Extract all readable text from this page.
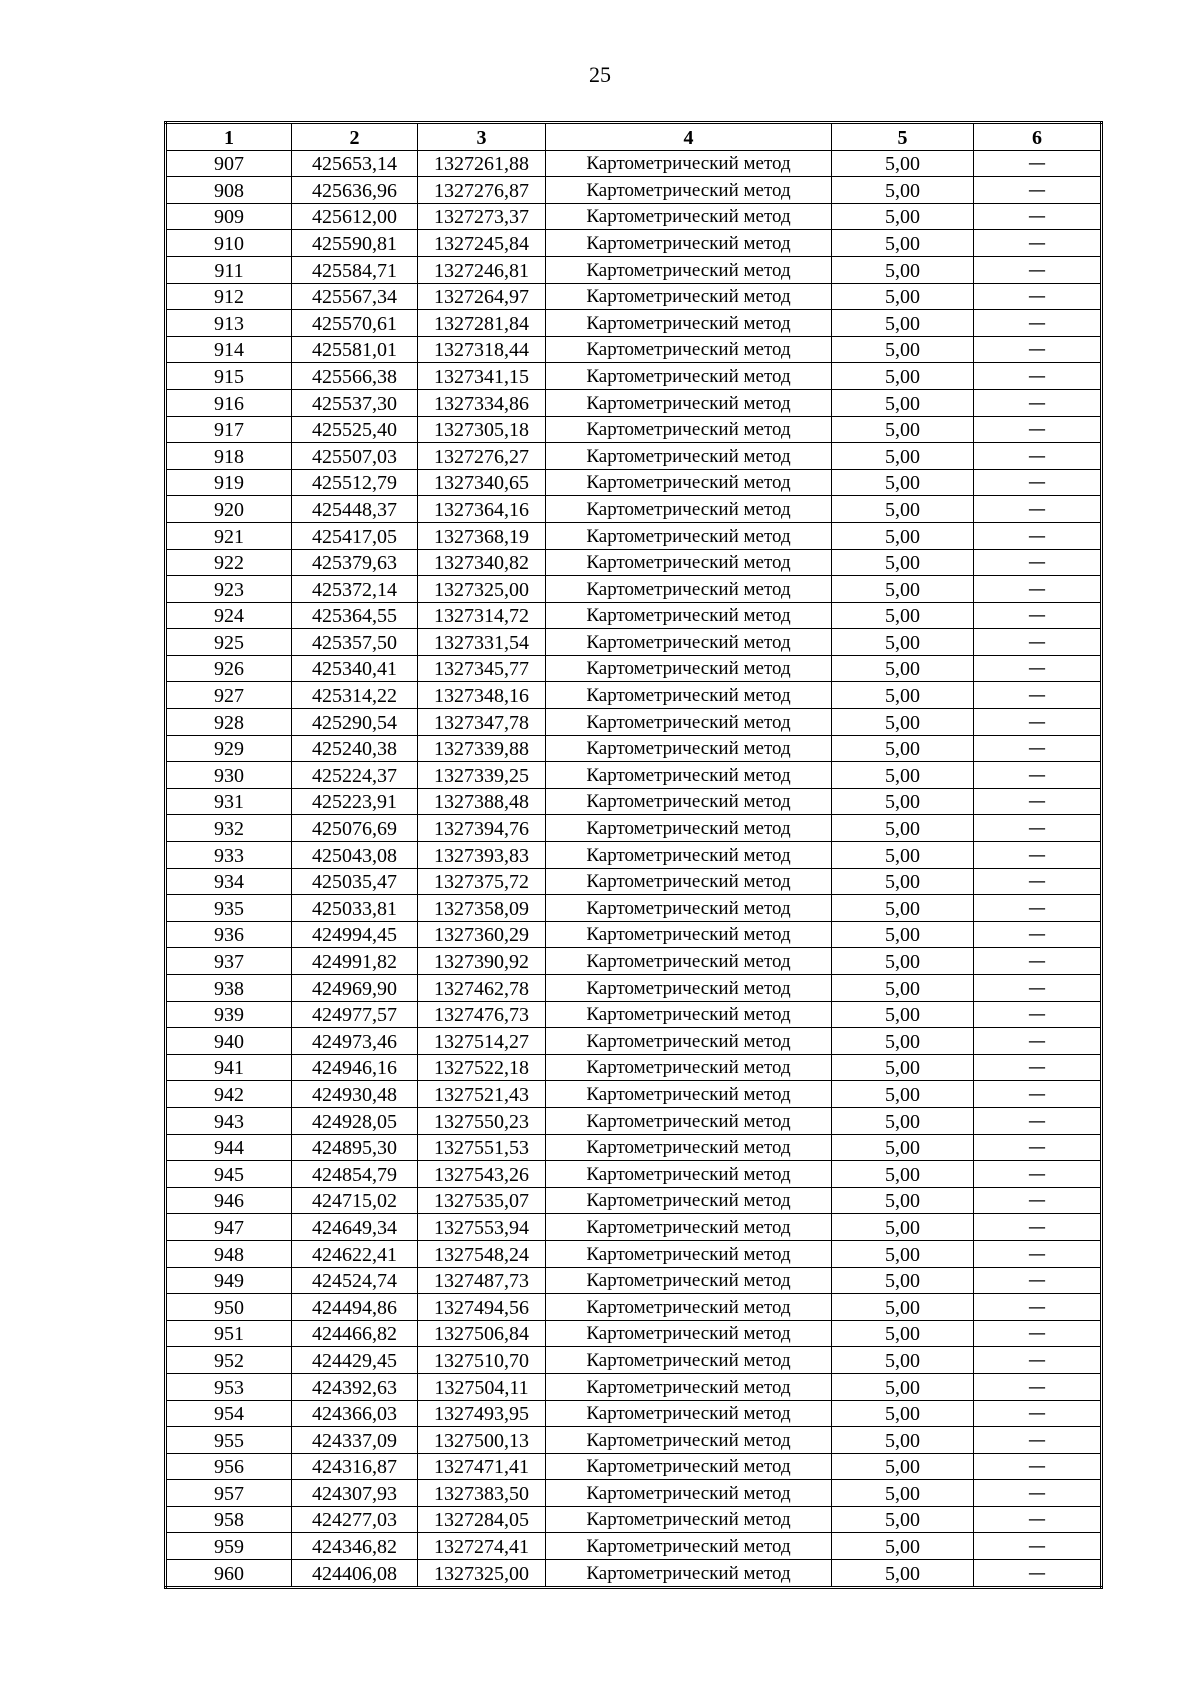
25
1	2	3	4	5	6
907	425653,14	1327261,88	Картометрический метод	5,00	—
908	425636,96	1327276,87	Картометрический метод	5,00	—
909	425612,00	1327273,37	Картометрический метод	5,00	—
910	425590,81	1327245,84	Картометрический метод	5,00	—
911	425584,71	1327246,81	Картометрический метод	5,00	—
912	425567,34	1327264,97	Картометрический метод	5,00	—
913	425570,61	1327281,84	Картометрический метод	5,00	—
914	425581,01	1327318,44	Картометрический метод	5,00	—
915	425566,38	1327341,15	Картометрический метод	5,00	—
916	425537,30	1327334,86	Картометрический метод	5,00	—
917	425525,40	1327305,18	Картометрический метод	5,00	—
918	425507,03	1327276,27	Картометрический метод	5,00	—
919	425512,79	1327340,65	Картометрический метод	5,00	—
920	425448,37	1327364,16	Картометрический метод	5,00	—
921	425417,05	1327368,19	Картометрический метод	5,00	—
922	425379,63	1327340,82	Картометрический метод	5,00	—
923	425372,14	1327325,00	Картометрический метод	5,00	—
924	425364,55	1327314,72	Картометрический метод	5,00	—
925	425357,50	1327331,54	Картометрический метод	5,00	—
926	425340,41	1327345,77	Картометрический метод	5,00	—
927	425314,22	1327348,16	Картометрический метод	5,00	—
928	425290,54	1327347,78	Картометрический метод	5,00	—
929	425240,38	1327339,88	Картометрический метод	5,00	—
930	425224,37	1327339,25	Картометрический метод	5,00	—
931	425223,91	1327388,48	Картометрический метод	5,00	—
932	425076,69	1327394,76	Картометрический метод	5,00	—
933	425043,08	1327393,83	Картометрический метод	5,00	—
934	425035,47	1327375,72	Картометрический метод	5,00	—
935	425033,81	1327358,09	Картометрический метод	5,00	—
936	424994,45	1327360,29	Картометрический метод	5,00	—
937	424991,82	1327390,92	Картометрический метод	5,00	—
938	424969,90	1327462,78	Картометрический метод	5,00	—
939	424977,57	1327476,73	Картометрический метод	5,00	—
940	424973,46	1327514,27	Картометрический метод	5,00	—
941	424946,16	1327522,18	Картометрический метод	5,00	—
942	424930,48	1327521,43	Картометрический метод	5,00	—
943	424928,05	1327550,23	Картометрический метод	5,00	—
944	424895,30	1327551,53	Картометрический метод	5,00	—
945	424854,79	1327543,26	Картометрический метод	5,00	—
946	424715,02	1327535,07	Картометрический метод	5,00	—
947	424649,34	1327553,94	Картометрический метод	5,00	—
948	424622,41	1327548,24	Картометрический метод	5,00	—
949	424524,74	1327487,73	Картометрический метод	5,00	—
950	424494,86	1327494,56	Картометрический метод	5,00	—
951	424466,82	1327506,84	Картометрический метод	5,00	—
952	424429,45	1327510,70	Картометрический метод	5,00	—
953	424392,63	1327504,11	Картометрический метод	5,00	—
954	424366,03	1327493,95	Картометрический метод	5,00	—
955	424337,09	1327500,13	Картометрический метод	5,00	—
956	424316,87	1327471,41	Картометрический метод	5,00	—
957	424307,93	1327383,50	Картометрический метод	5,00	—
958	424277,03	1327284,05	Картометрический метод	5,00	—
959	424346,82	1327274,41	Картометрический метод	5,00	—
960	424406,08	1327325,00	Картометрический метод	5,00	—
